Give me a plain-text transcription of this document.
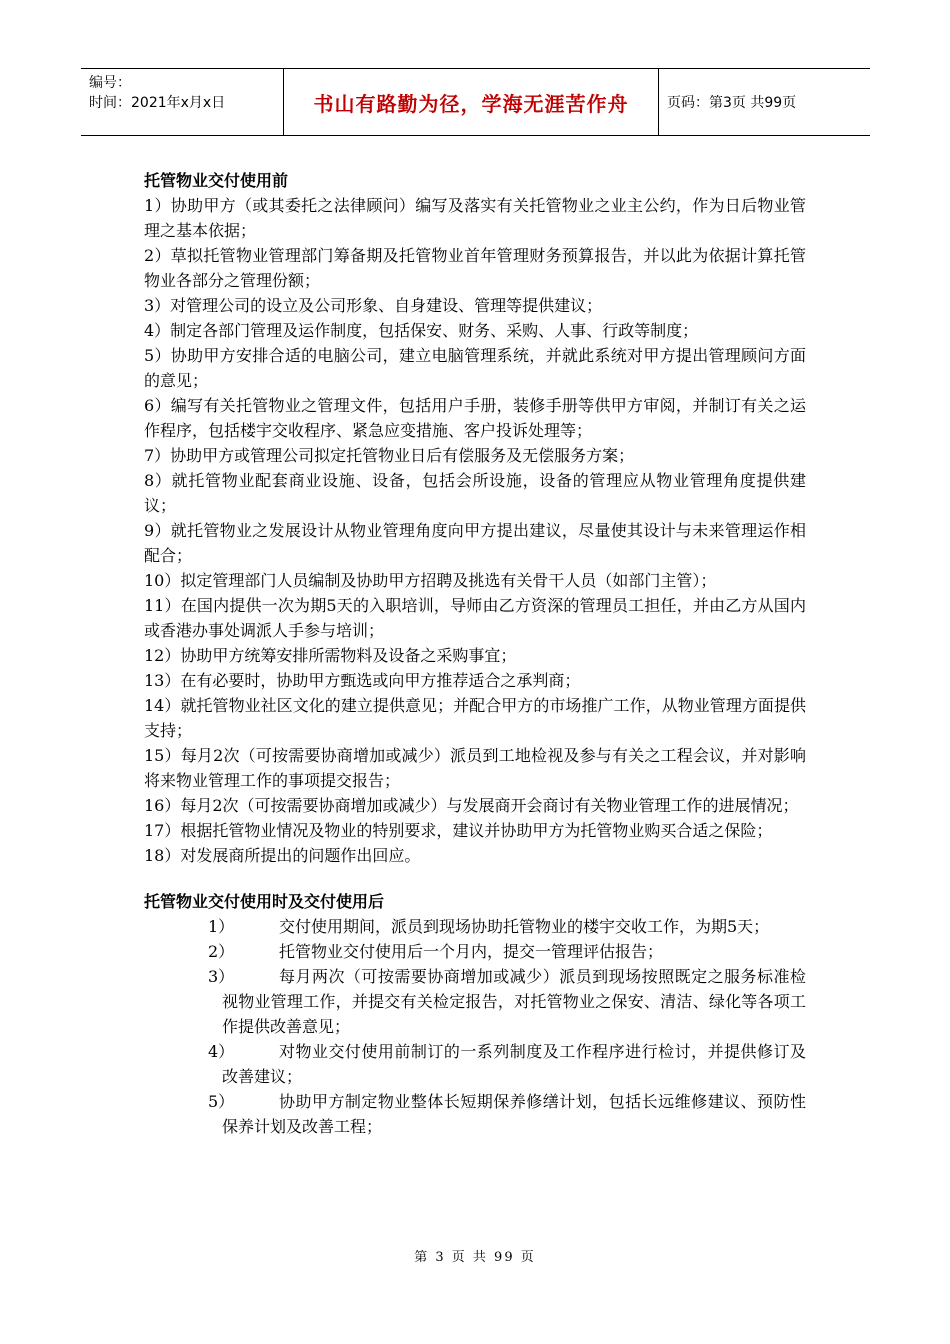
编号：
时间：2021年x月x日	书山有路勤为径，学海无涯苦作舟	页码：第3页 共99页

托管物业交付使用前

1）协助甲方（或其委托之法律顾问）编写及落实有关托管物业之业主公约，作为日后物业管理之基本依据；

2）草拟托管物业管理部门筹备期及托管物业首年管理财务预算报告，并以此为依据计算托管物业各部分之管理份额；

3）对管理公司的设立及公司形象、自身建设、管理等提供建议；

4）制定各部门管理及运作制度，包括保安、财务、采购、人事、行政等制度；

5）协助甲方安排合适的电脑公司，建立电脑管理系统，并就此系统对甲方提出管理顾问方面的意见；

6）编写有关托管物业之管理文件，包括用户手册，装修手册等供甲方审阅，并制订有关之运作程序，包括楼宇交收程序、紧急应变措施、客户投诉处理等；

7）协助甲方或管理公司拟定托管物业日后有偿服务及无偿服务方案；

8）就托管物业配套商业设施、设备，包括会所设施，设备的管理应从物业管理角度提供建议；

9）就托管物业之发展设计从物业管理角度向甲方提出建议，尽量使其设计与未来管理运作相配合；

10）拟定管理部门人员编制及协助甲方招聘及挑选有关骨干人员（如部门主管）；

11）在国内提供一次为期5天的入职培训，导师由乙方资深的管理员工担任，并由乙方从国内或香港办事处调派人手参与培训；

12）协助甲方统筹安排所需物料及设备之采购事宜；

13）在有必要时，协助甲方甄选或向甲方推荐适合之承判商；

14）就托管物业社区文化的建立提供意见；并配合甲方的市场推广工作，从物业管理方面提供支持；

15）每月2次（可按需要协商增加或减少）派员到工地检视及参与有关之工程会议，并对影响将来物业管理工作的事项提交报告；

16）每月2次（可按需要协商增加或减少）与发展商开会商讨有关物业管理工作的进展情况；

17）根据托管物业情况及物业的特别要求，建议并协助甲方为托管物业购买合适之保险；

18）对发展商所提出的问题作出回应。

托管物业交付使用时及交付使用后

1）	交付使用期间，派员到现场协助托管物业的楼宇交收工作，为期5天；
2）	托管物业交付使用后一个月内，提交一管理评估报告；
3）	每月两次（可按需要协商增加或减少）派员到现场按照既定之服务标准检视物业管理工作，并提交有关检定报告，对托管物业之保安、清洁、绿化等各项工作提供改善意见；
4）	对物业交付使用前制订的一系列制度及工作程序进行检讨，并提供修订及改善建议；
5）	协助甲方制定物业整体长短期保养修缮计划，包括长远维修建议、预防性保养计划及改善工程；
第 3 页 共 99 页
